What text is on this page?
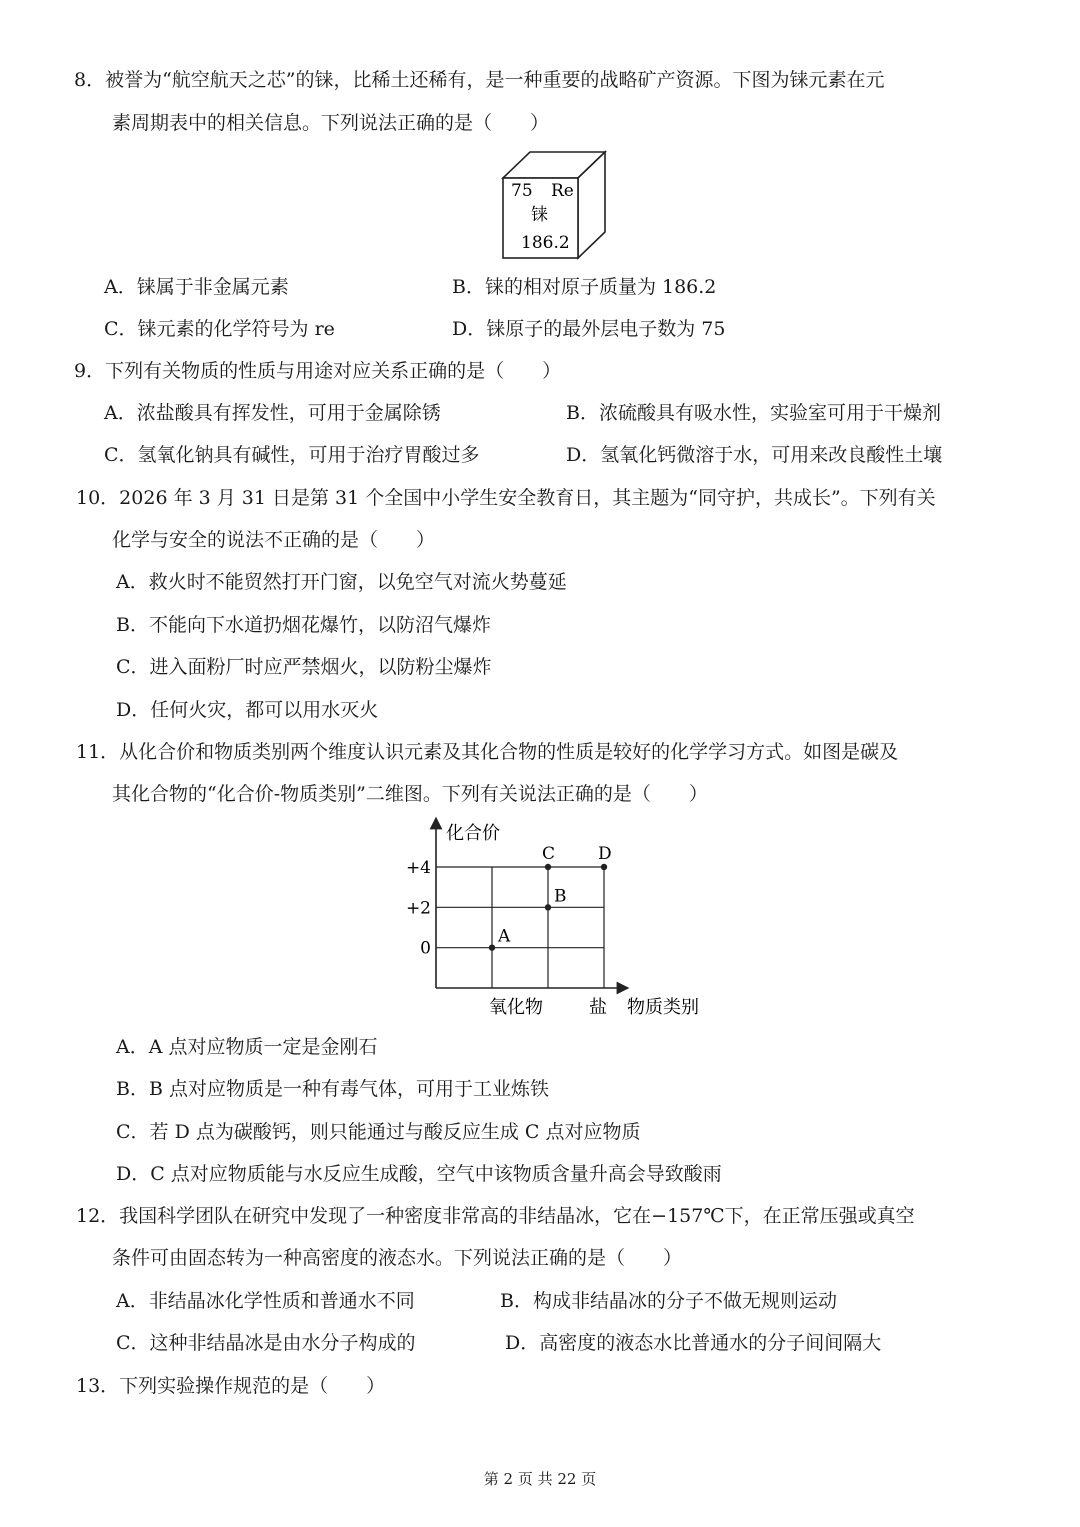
8．被誉为“航空航天之芯”的铼，比稀土还稀有，是一种重要的战略矿产资源。下图为铼元素在元
素周期表中的相关信息。下列说法正确的是（　　）
75 Re
铼
186.2
A．铼属于非金属元素	B．铼的相对原子质量为 186.2
C．铼元素的化学符号为 re	D．铼原子的最外层电子数为 75
9．下列有关物质的性质与用途对应关系正确的是（　　）
A．浓盐酸具有挥发性，可用于金属除锈	B．浓硫酸具有吸水性，实验室可用于干燥剂
C．氢氧化钠具有碱性，可用于治疗胃酸过多	D．氢氧化钙微溶于水，可用来改良酸性土壤
10．2026 年 3 月 31 日是第 31 个全国中小学生安全教育日，其主题为“同守护，共成长”。下列有关
化学与安全的说法不正确的是（　　）
A．救火时不能贸然打开门窗，以免空气对流火势蔓延
B．不能向下水道扔烟花爆竹，以防沼气爆炸
C．进入面粉厂时应严禁烟火，以防粉尘爆炸
D．任何火灾，都可以用水灭火
11．从化合价和物质类别两个维度认识元素及其化合物的性质是较好的化学学习方式。如图是碳及
其化合物的“化合价-物质类别”二维图。下列有关说法正确的是（　　）
化合价
物质类别
+4
+2
0
氧化物	盐
A
B
C	D
A．A 点对应物质一定是金刚石
B．B 点对应物质是一种有毒气体，可用于工业炼铁
C．若 D 点为碳酸钙，则只能通过与酸反应生成 C 点对应物质
D．C 点对应物质能与水反应生成酸，空气中该物质含量升高会导致酸雨
12．我国科学团队在研究中发现了一种密度非常高的非结晶冰，它在−157℃下，在正常压强或真空
条件可由固态转为一种高密度的液态水。下列说法正确的是（　　）
A．非结晶冰化学性质和普通水不同	B．构成非结晶冰的分子不做无规则运动
C．这种非结晶冰是由水分子构成的	D．高密度的液态水比普通水的分子间间隔大
13．下列实验操作规范的是（　　）
第 2 页 共 22 页
